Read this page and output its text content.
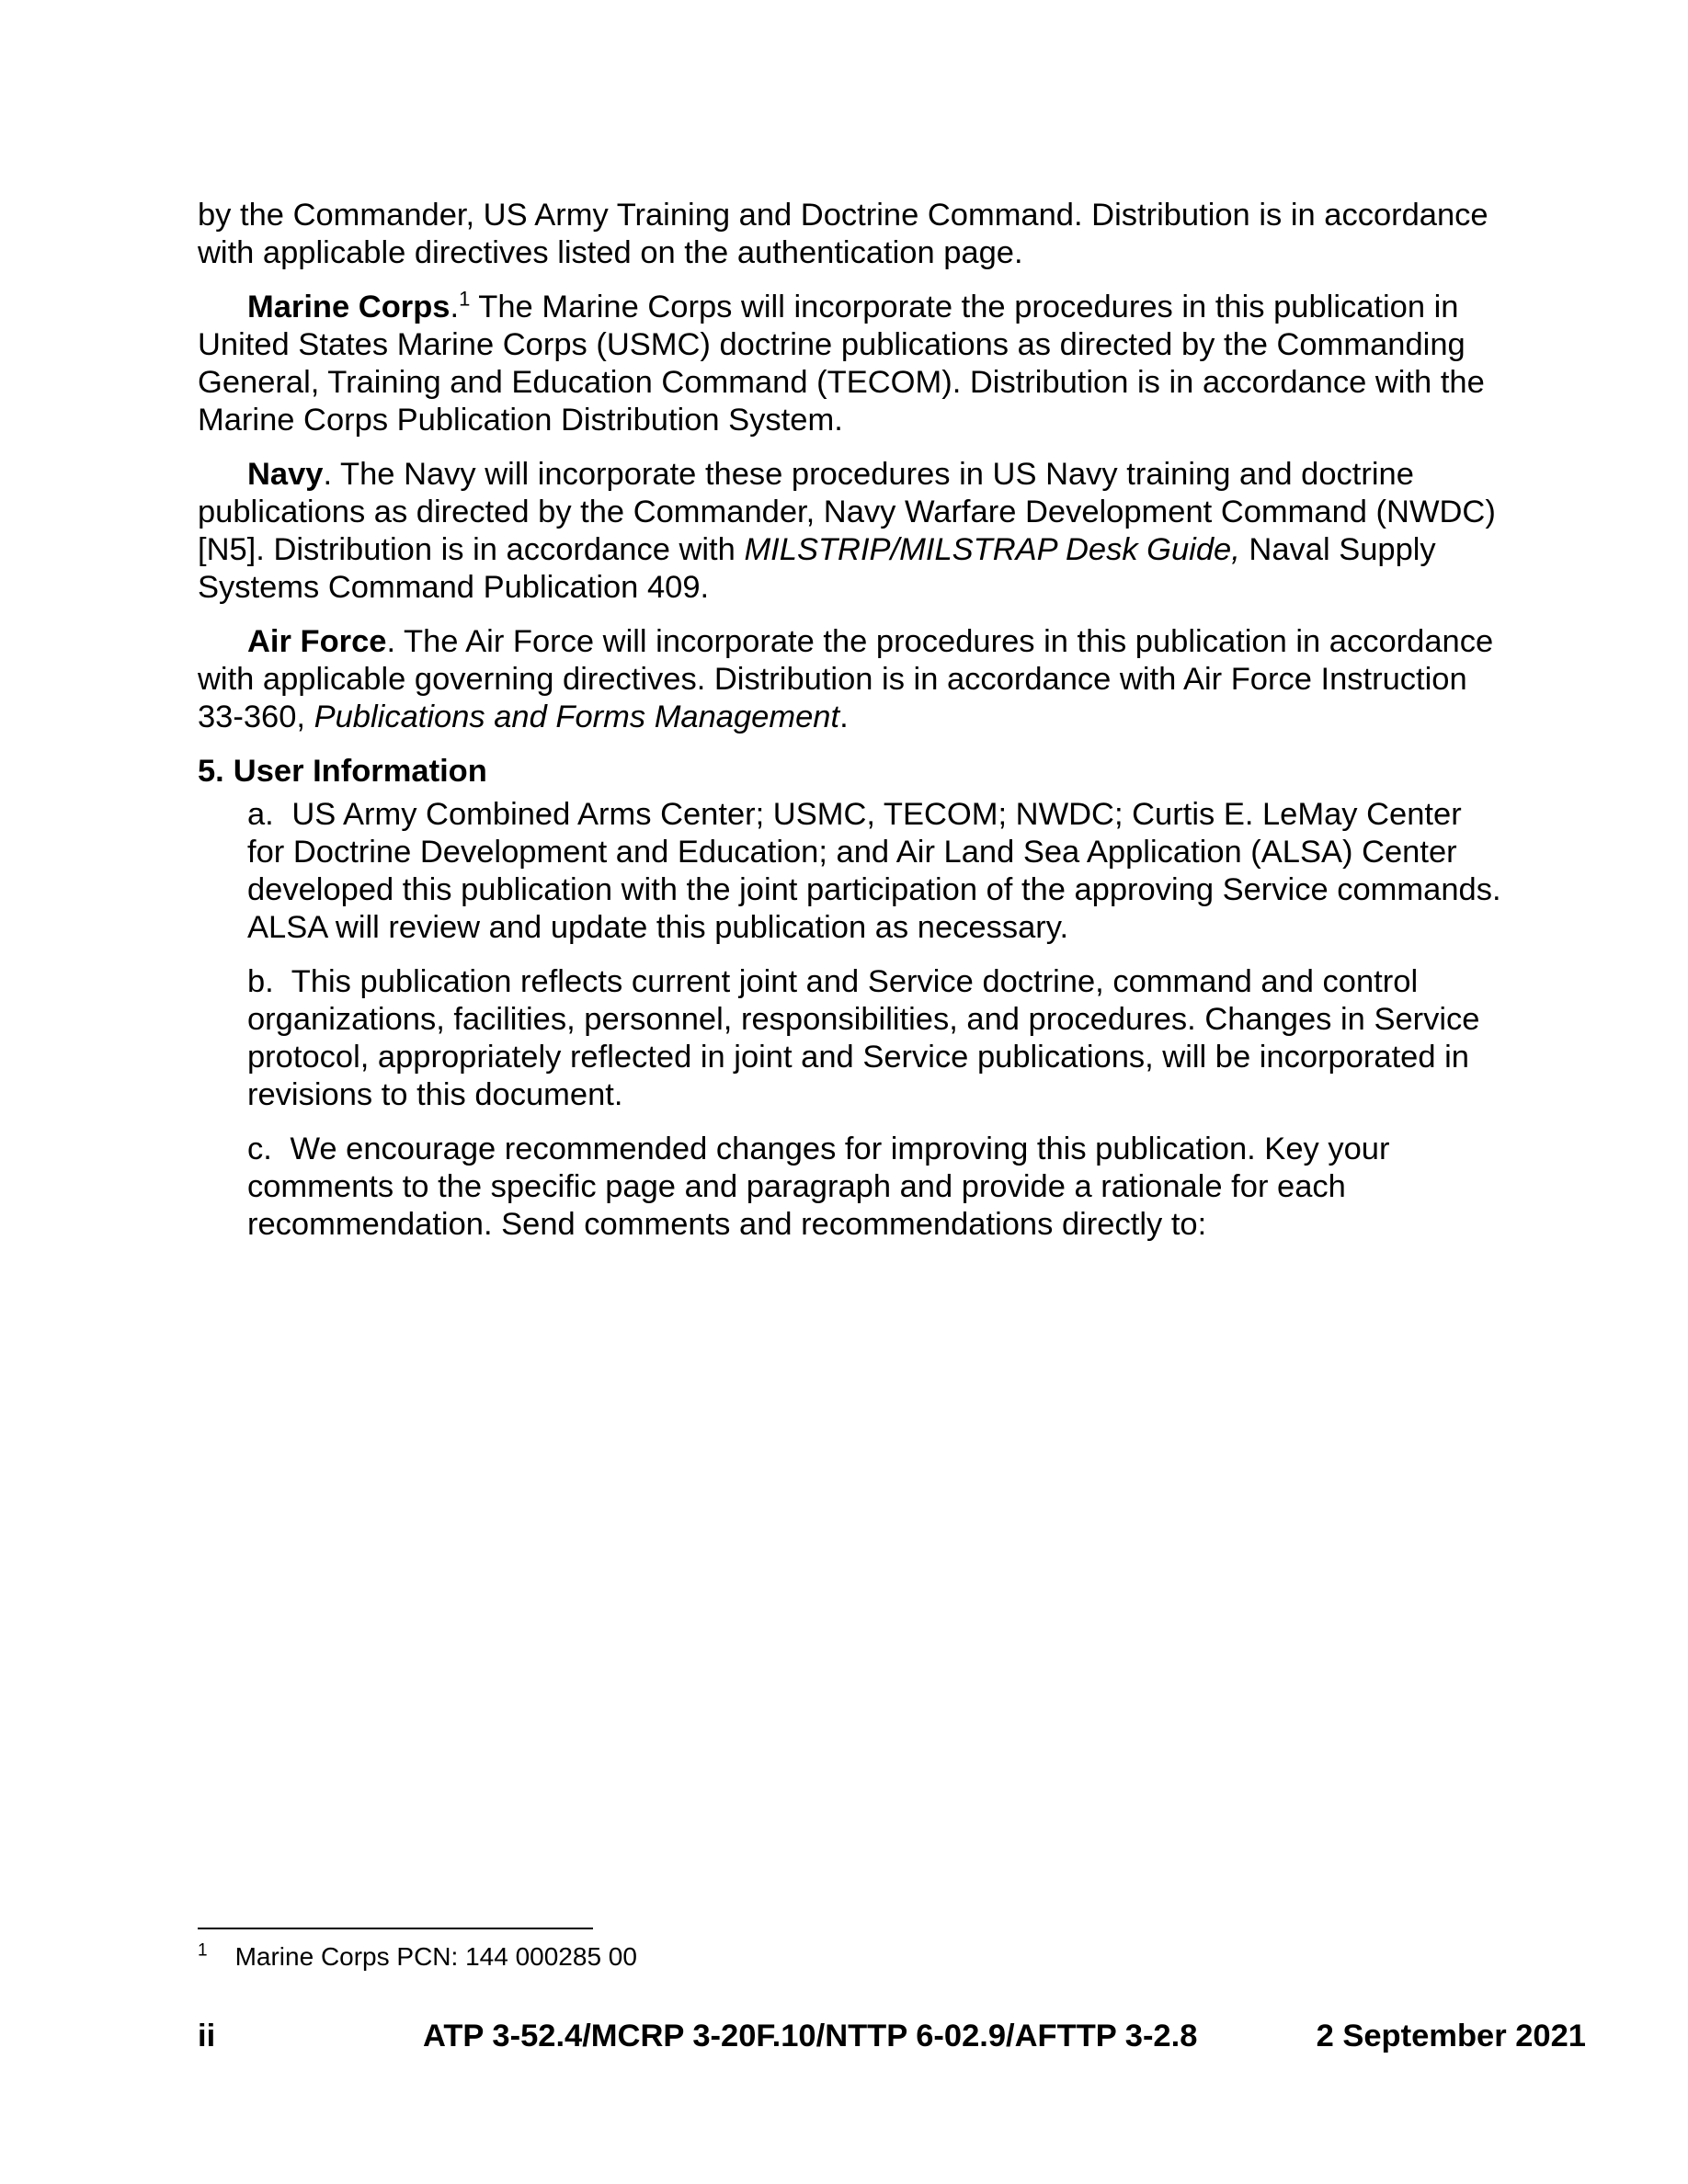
by the Commander, US Army Training and Doctrine Command. Distribution is in accordance with applicable directives listed on the authentication page.

Marine Corps.$^1$ The Marine Corps will incorporate the procedures in this publication in United States Marine Corps (USMC) doctrine publications as directed by the Commanding General, Training and Education Command (TECOM). Distribution is in accordance with the Marine Corps Publication Distribution System.

Navy. The Navy will incorporate these procedures in US Navy training and doctrine publications as directed by the Commander, Navy Warfare Development Command (NWDC) [N5]. Distribution is in accordance with MILSTRIP/MILSTRAP Desk Guide, Naval Supply Systems Command Publication 409.

Air Force. The Air Force will incorporate the procedures in this publication in accordance with applicable governing directives. Distribution is in accordance with Air Force Instruction 33-360, Publications and Forms Management.

5. User Information

a. US Army Combined Arms Center; USMC, TECOM; NWDC; Curtis E. LeMay Center for Doctrine Development and Education; and Air Land Sea Application (ALSA) Center developed this publication with the joint participation of the approving Service commands. ALSA will review and update this publication as necessary.

b. This publication reflects current joint and Service doctrine, command and control organizations, facilities, personnel, responsibilities, and procedures. Changes in Service protocol, appropriately reflected in joint and Service publications, will be incorporated in revisions to this document.

c. We encourage recommended changes for improving this publication. Key your comments to the specific page and paragraph and provide a rationale for each recommendation. Send comments and recommendations directly to:

$^1$ Marine Corps PCN: 144 000285 00
ii	ATP 3-52.4/MCRP 3-20F.10/NTTP 6-02.9/AFTTP 3-2.8	2 September 2021
